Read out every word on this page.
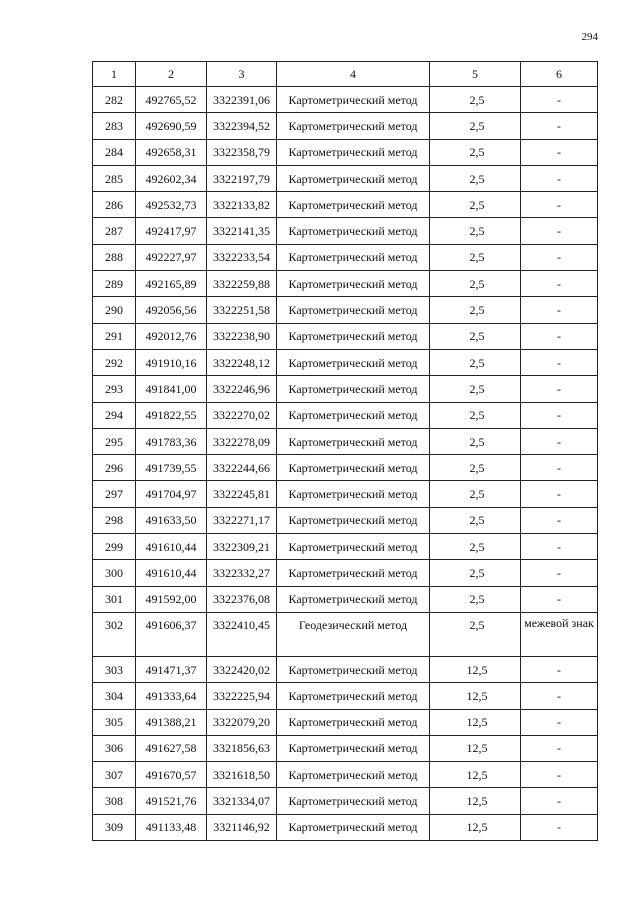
294
1	2	3	4	5	6
282	492765,52	3322391,06	Картометрический метод	2,5	-
283	492690,59	3322394,52	Картометрический метод	2,5	-
284	492658,31	3322358,79	Картометрический метод	2,5	-
285	492602,34	3322197,79	Картометрический метод	2,5	-
286	492532,73	3322133,82	Картометрический метод	2,5	-
287	492417,97	3322141,35	Картометрический метод	2,5	-
288	492227,97	3322233,54	Картометрический метод	2,5	-
289	492165,89	3322259,88	Картометрический метод	2,5	-
290	492056,56	3322251,58	Картометрический метод	2,5	-
291	492012,76	3322238,90	Картометрический метод	2,5	-
292	491910,16	3322248,12	Картометрический метод	2,5	-
293	491841,00	3322246,96	Картометрический метод	2,5	-
294	491822,55	3322270,02	Картометрический метод	2,5	-
295	491783,36	3322278,09	Картометрический метод	2,5	-
296	491739,55	3322244,66	Картометрический метод	2,5	-
297	491704,97	3322245,81	Картометрический метод	2,5	-
298	491633,50	3322271,17	Картометрический метод	2,5	-
299	491610,44	3322309,21	Картометрический метод	2,5	-
300	491610,44	3322332,27	Картометрический метод	2,5	-
301	491592,00	3322376,08	Картометрический метод	2,5	-
302	491606,37	3322410,45	Геодезический метод	2,5	межевой знак
303	491471,37	3322420,02	Картометрический метод	12,5	-
304	491333,64	3322225,94	Картометрический метод	12,5	-
305	491388,21	3322079,20	Картометрический метод	12,5	-
306	491627,58	3321856,63	Картометрический метод	12,5	-
307	491670,57	3321618,50	Картометрический метод	12,5	-
308	491521,76	3321334,07	Картометрический метод	12,5	-
309	491133,48	3321146,92	Картометрический метод	12,5	-
